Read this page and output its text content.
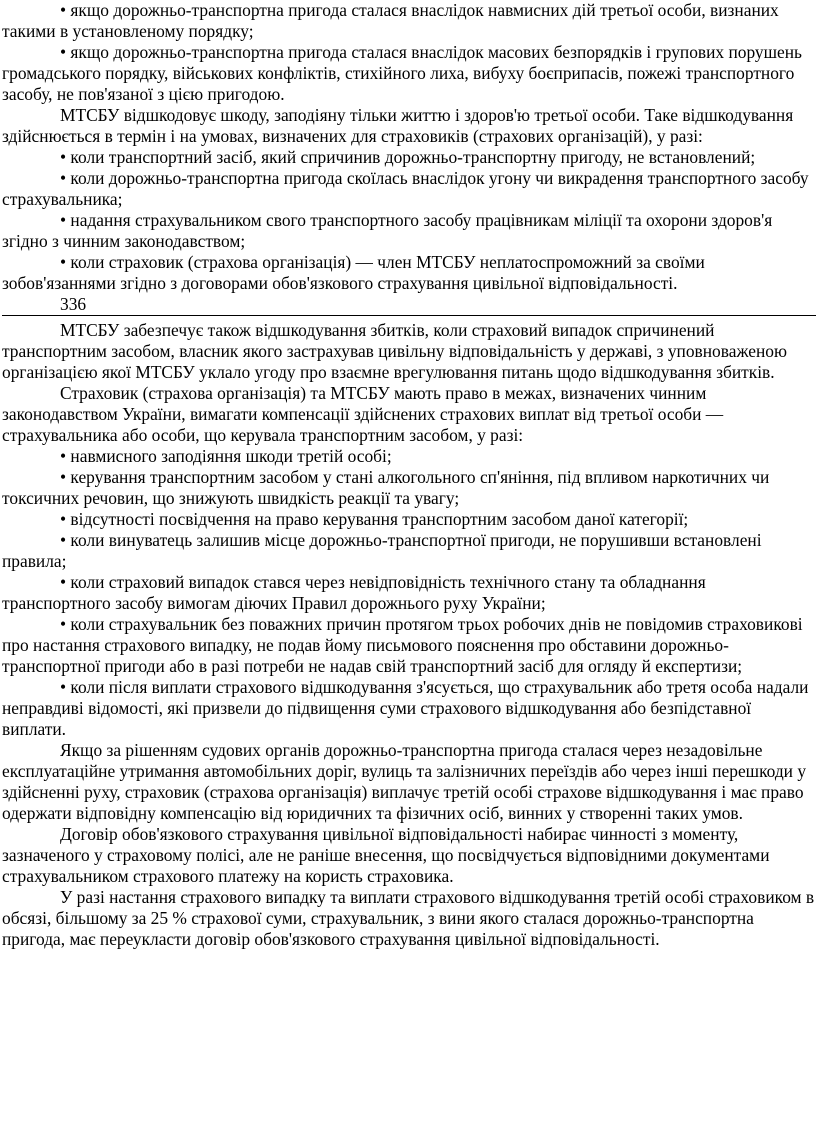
• якщо дорожньо-транспортна пригода сталася внаслідок навмисних дій третьої особи, визнаних такими в установленому порядку;

• якщо дорожньо-транспортна пригода сталася внаслідок масових безпорядків і групових порушень громадського порядку, військових конфліктів, стихійного лиха, вибуху боєприпасів, пожежі транспортного засобу, не пов'язаної з цією пригодою.

МТСБУ відшкодовує шкоду, заподіяну тільки життю і здоров'ю третьої особи. Таке відшкодування здійснюється в термін і на умовах, визначених для страховиків (страхових організацій), у разі:

• коли транспортний засіб, який спричинив дорожньо-транспортну пригоду, не встановлений;

• коли дорожньо-транспортна пригода скоїлась внаслідок угону чи викрадення транспортного засобу страхувальника;

• надання страхувальником свого транспортного засобу працівникам міліції та охорони здоров'я згідно з чинним законодавством;

• коли страховик (страхова організація) — член МТСБУ неплатоспроможний за своїми зобов'язаннями згідно з договорами обов'язкового страхування цивільної відповідальності.

336

МТСБУ забезпечує також відшкодування збитків, коли страховий випадок спричинений транспортним засобом, власник якого застрахував цивільну відповідальність у державі, з уповноваженою організацією якої МТСБУ уклало угоду про взаємне врегулювання питань щодо відшкодування збитків.

Страховик (страхова організація) та МТСБУ мають право в межах, визначених чинним законодавством України, вимагати компенсації здійснених страхових виплат від третьої особи — страхувальника або особи, що керувала транспортним засобом, у разі:

• навмисного заподіяння шкоди третій особі;

• керування транспортним засобом у стані алкогольного сп'яніння, під впливом наркотичних чи токсичних речовин, що знижують швидкість реакції та увагу;

• відсутності посвідчення на право керування транспортним засобом даної категорії;

• коли винуватець залишив місце дорожньо-транспортної пригоди, не порушивши встановлені правила;

• коли страховий випадок стався через невідповідність технічного стану та обладнання транспортного засобу вимогам діючих Правил дорожнього руху України;

• коли страхувальник без поважних причин протягом трьох робочих днів не повідомив страховикові про настання страхового випадку, не подав йому письмового пояснення про обставини дорожньо-транспортної пригоди або в разі потреби не надав свій транспортний засіб для огляду й експертизи;

• коли після виплати страхового відшкодування з'ясується, що страхувальник або третя особа надали неправдиві відомості, які призвели до підвищення суми страхового відшкодування або безпідставної виплати.

Якщо за рішенням судових органів дорожньо-транспортна пригода сталася через незадовільне експлуатаційне утримання автомобільних доріг, вулиць та залізничних переїздів або через інші перешкоди у здійсненні руху, страховик (страхова організація) виплачує третій особі страхове відшкодування і має право одержати відповідну компенсацію від юридичних та фізичних осіб, винних у створенні таких умов.

Договір обов'язкового страхування цивільної відповідальності набирає чинності з моменту, зазначеного у страховому полісі, але не раніше внесення, що посвідчується відповідними документами страхувальником страхового платежу на користь страховика.

У разі настання страхового випадку та виплати страхового відшкодування третій особі страховиком в обсязі, більшому за 25 % страхової суми, страхувальник, з вини якого сталася дорожньо-транспортна пригода, має переукласти договір обов'язкового страхування цивільної відповідальності.
